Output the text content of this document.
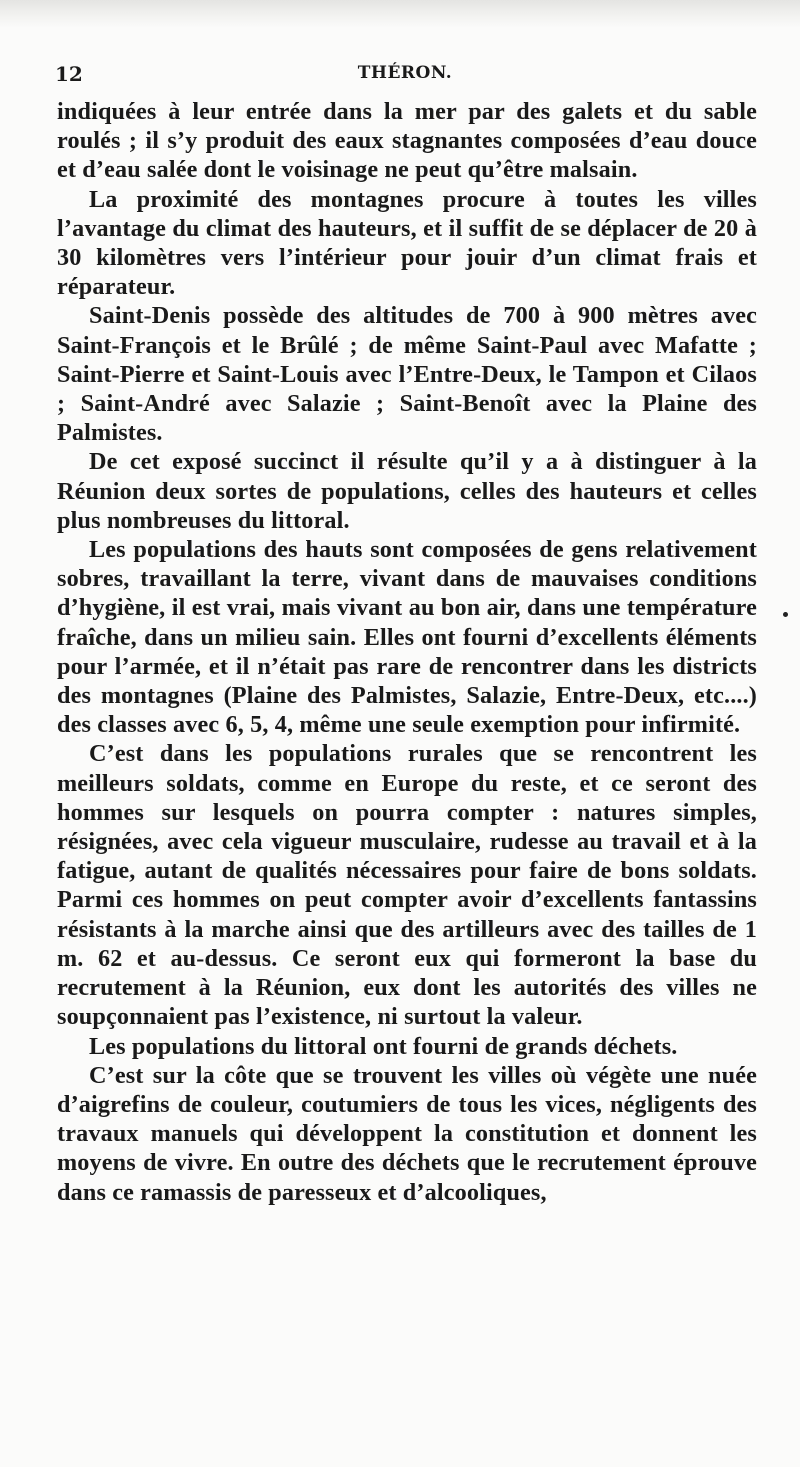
12	THÉRON.

indiquées à leur entrée dans la mer par des galets et du sable roulés ; il s’y produit des eaux stagnantes composées d’eau douce et d’eau salée dont le voisinage ne peut qu’être malsain.

La proximité des montagnes procure à toutes les villes l’avantage du climat des hauteurs, et il suffit de se déplacer de 20 à 30 kilomètres vers l’intérieur pour jouir d’un climat frais et réparateur.

Saint-Denis possède des altitudes de 700 à 900 mètres avec Saint-François et le Brûlé ; de même Saint-Paul avec Mafatte ; Saint-Pierre et Saint-Louis avec l’Entre-Deux, le Tampon et Cilaos ; Saint-André avec Salazie ; Saint-Benoît avec la Plaine des Palmistes.

De cet exposé succinct il résulte qu’il y a à distinguer à la Réunion deux sortes de populations, celles des hauteurs et celles plus nombreuses du littoral.

Les populations des hauts sont composées de gens relativement sobres, travaillant la terre, vivant dans de mauvaises conditions d’hygiène, il est vrai, mais vivant au bon air, dans une température fraîche, dans un milieu sain. Elles ont fourni d’excellents éléments pour l’armée, et il n’était pas rare de rencontrer dans les districts des montagnes (Plaine des Palmistes, Salazie, Entre-Deux, etc....) des classes avec 6, 5, 4, même une seule exemption pour infirmité.

C’est dans les populations rurales que se rencontrent les meilleurs soldats, comme en Europe du reste, et ce seront des hommes sur lesquels on pourra compter : natures simples, résignées, avec cela vigueur musculaire, rudesse au travail et à la fatigue, autant de qualités nécessaires pour faire de bons soldats. Parmi ces hommes on peut compter avoir d’excellents fantassins résistants à la marche ainsi que des artilleurs avec des tailles de 1 m. 62 et au-dessus. Ce seront eux qui formeront la base du recrutement à la Réunion, eux dont les autorités des villes ne soupçonnaient pas l’existence, ni surtout la valeur.

Les populations du littoral ont fourni de grands déchets.

C’est sur la côte que se trouvent les villes où végète une nuée d’aigrefins de couleur, coutumiers de tous les vices, négligents des travaux manuels qui développent la constitution et donnent les moyens de vivre. En outre des déchets que le recrutement éprouve dans ce ramassis de paresseux et d’alcooliques,
